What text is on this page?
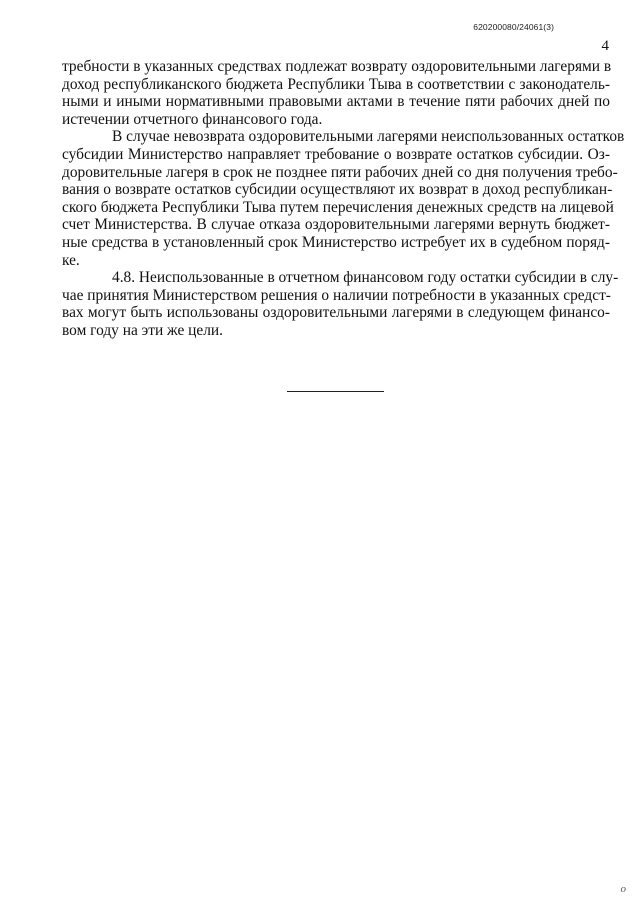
620200080/24061(3)
4

требности в указанных средствах подлежат возврату оздоровительными лагерями в
доход республиканского бюджета Республики Тыва в соответствии с законодатель-
ными и иными нормативными правовыми актами в течение пяти рабочих дней по
истечении отчетного финансового года.

В случае невозврата оздоровительными лагерями неиспользованных остатков
субсидии Министерство направляет требование о возврате остатков субсидии. Оз-
доровительные лагеря в срок не позднее пяти рабочих дней со дня получения требо-
вания о возврате остатков субсидии осуществляют их возврат в доход республикан-
ского бюджета Республики Тыва путем перечисления денежных средств на лицевой
счет Министерства. В случае отказа оздоровительными лагерями вернуть бюджет-
ные средства в установленный срок Министерство истребует их в судебном поряд-
ке.

4.8. Неиспользованные в отчетном финансовом году остатки субсидии в слу-
чае принятия Министерством решения о наличии потребности в указанных средст-
вах могут быть использованы оздоровительными лагерями в следующем финансо-
вом году на эти же цели.

о
